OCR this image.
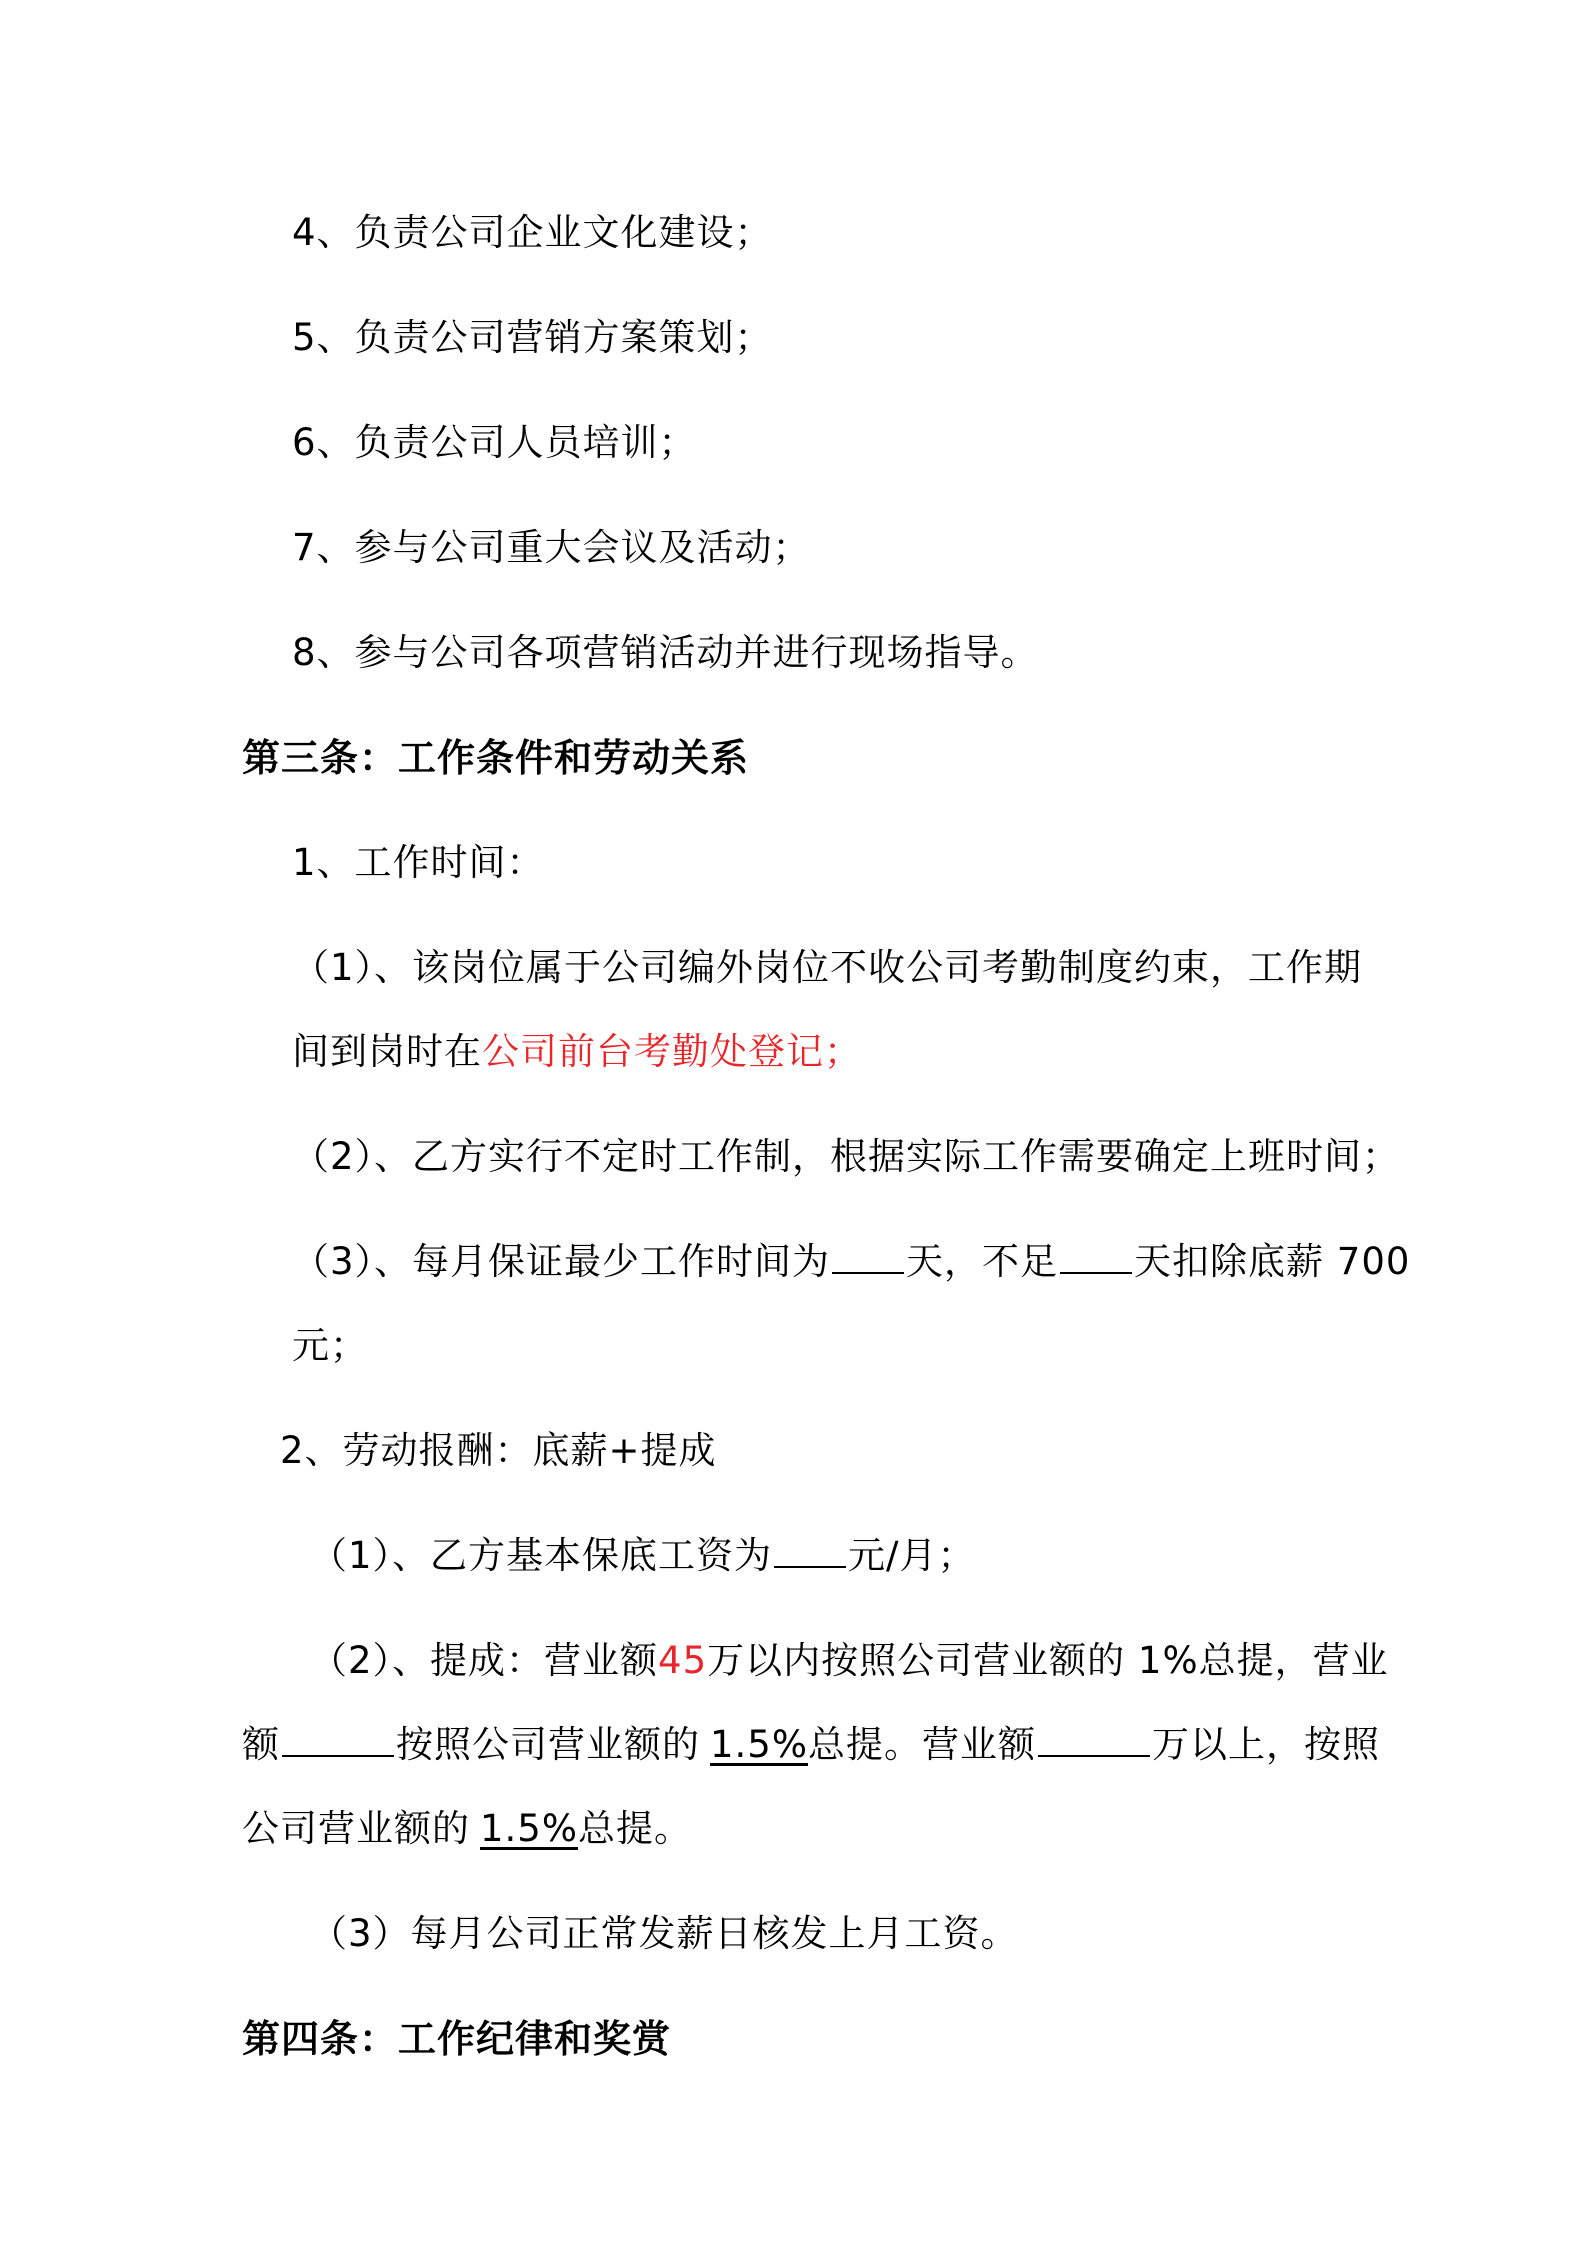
4、负责公司企业文化建设；
5、负责公司营销方案策划；
6、负责公司人员培训；
7、参与公司重大会议及活动；
8、参与公司各项营销活动并进行现场指导。
第三条：工作条件和劳动关系
1、工作时间：
（1）、该岗位属于公司编外岗位不收公司考勤制度约束，工作期
间到岗时在公司前台考勤处登记；
（2）、乙方实行不定时工作制，根据实际工作需要确定上班时间；
（3）、每月保证最少工作时间为 天，不足 天扣除底薪 700
元；
2、劳动报酬：底薪+提成
（1）、乙方基本保底工资为 元/月；
（2）、提成：营业额45万以内按照公司营业额的 1%总提，营业
额	按照公司营业额的 1.5%总提。营业额	万以上，按照
公司营业额的 1.5%总提。
（3）每月公司正常发薪日核发上月工资。
第四条：工作纪律和奖赏
